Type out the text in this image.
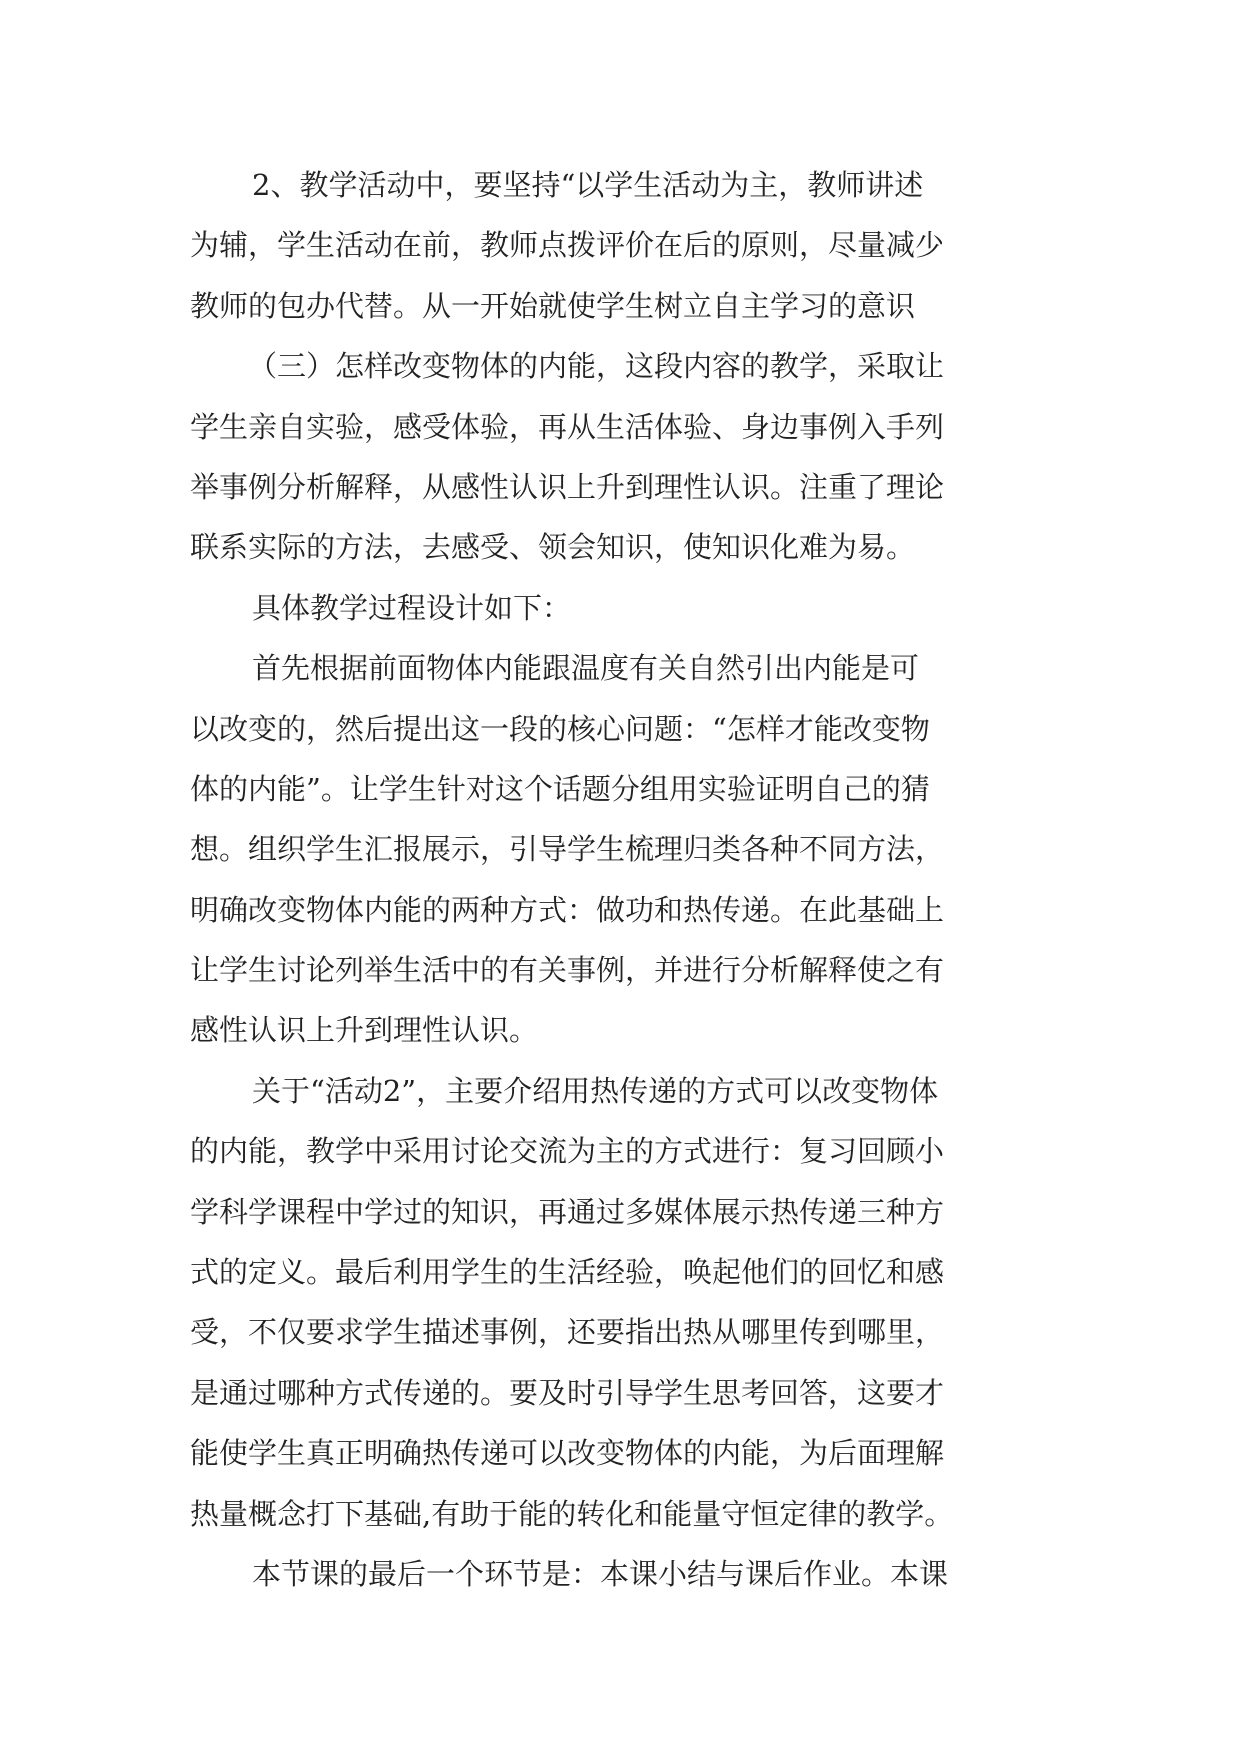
2、教学活动中，要坚持“以学生活动为主，教师讲述
为辅，学生活动在前，教师点拨评价在后的原则，尽量减少
教师的包办代替。从一开始就使学生树立自主学习的意识
（三）怎样改变物体的内能，这段内容的教学，采取让
学生亲自实验，感受体验，再从生活体验、身边事例入手列
举事例分析解释，从感性认识上升到理性认识。注重了理论
联系实际的方法，去感受、领会知识，使知识化难为易。
具体教学过程设计如下：
首先根据前面物体内能跟温度有关自然引出内能是可
以改变的，然后提出这一段的核心问题：“怎样才能改变物
体的内能”。让学生针对这个话题分组用实验证明自己的猜
想。组织学生汇报展示，引导学生梳理归类各种不同方法，
明确改变物体内能的两种方式：做功和热传递。在此基础上
让学生讨论列举生活中的有关事例，并进行分析解释使之有
感性认识上升到理性认识。
关于“活动2”，主要介绍用热传递的方式可以改变物体
的内能，教学中采用讨论交流为主的方式进行：复习回顾小
学科学课程中学过的知识，再通过多媒体展示热传递三种方
式的定义。最后利用学生的生活经验，唤起他们的回忆和感
受，不仅要求学生描述事例，还要指出热从哪里传到哪里，
是通过哪种方式传递的。要及时引导学生思考回答，这要才
能使学生真正明确热传递可以改变物体的内能，为后面理解
热量概念打下基础,有助于能的转化和能量守恒定律的教学。
本节课的最后一个环节是：本课小结与课后作业。本课
